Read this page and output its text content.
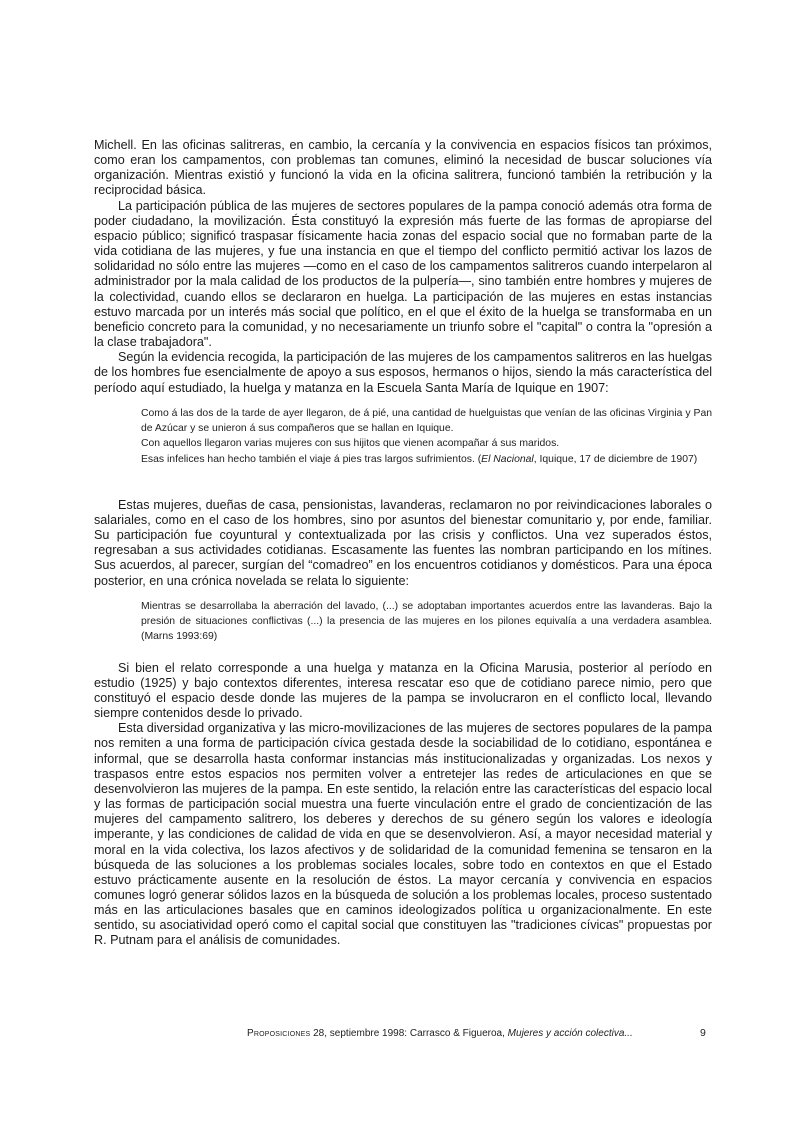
Michell. En las oficinas salitreras, en cambio, la cercanía y la convivencia en espacios físicos tan próximos, como eran los campamentos, con problemas tan comunes, eliminó la necesidad de buscar soluciones vía organización. Mientras existió y funcionó la vida en la oficina salitrera, funcionó también la retribución y la reciprocidad básica.

La participación pública de las mujeres de sectores populares de la pampa conoció además otra forma de poder ciudadano, la movilización. Ésta constituyó la expresión más fuerte de las formas de apropiarse del espacio público; significó traspasar físicamente hacia zonas del espacio social que no formaban parte de la vida cotidiana de las mujeres, y fue una instancia en que el tiempo del conflicto permitió activar los lazos de solidaridad no sólo entre las mujeres —como en el caso de los campamentos salitreros cuando interpelaron al administrador por la mala calidad de los productos de la pulpería—, sino también entre hombres y mujeres de la colectividad, cuando ellos se declararon en huelga. La participación de las mujeres en estas instancias estuvo marcada por un interés más social que político, en el que el éxito de la huelga se transformaba en un beneficio concreto para la comunidad, y no necesariamente un triunfo sobre el "capital" o contra la "opresión a la clase trabajadora".

Según la evidencia recogida, la participación de las mujeres de los campamentos salitreros en las huelgas de los hombres fue esencialmente de apoyo a sus esposos, hermanos o hijos, siendo la más característica del período aquí estudiado, la huelga y matanza en la Escuela Santa María de Iquique en 1907:

Como á las dos de la tarde de ayer llegaron, de á pié, una cantidad de huelguistas que venían de las oficinas Virginia y Pan de Azúcar y se unieron á sus compañeros que se hallan en Iquique.

Con aquellos llegaron varias mujeres con sus hijitos que vienen acompañar á sus maridos.

Esas infelices han hecho también el viaje á pies tras largos sufrimientos. (El Nacional, Iquique, 17 de diciembre de 1907)

Estas mujeres, dueñas de casa, pensionistas, lavanderas, reclamaron no por reivindicaciones laborales o salariales, como en el caso de los hombres, sino por asuntos del bienestar comunitario y, por ende, familiar. Su participación fue coyuntural y contextualizada por las crisis y conflictos. Una vez superados éstos, regresaban a sus actividades cotidianas. Escasamente las fuentes las nombran participando en los mítines. Sus acuerdos, al parecer, surgían del “comadreo” en los encuentros cotidianos y domésticos. Para una época posterior, en una crónica novelada se relata lo siguiente:

Mientras se desarrollaba la aberración del lavado, (...) se adoptaban importantes acuerdos entre las lavanderas. Bajo la presión de situaciones conflictivas (...) la presencia de las mujeres en los pilones equivalía a una verdadera asamblea. (Marns 1993:69)

Si bien el relato corresponde a una huelga y matanza en la Oficina Marusia, posterior al período en estudio (1925) y bajo contextos diferentes, interesa rescatar eso que de cotidiano parece nimio, pero que constituyó el espacio desde donde las mujeres de la pampa se involucraron en el conflicto local, llevando siempre contenidos desde lo privado.

Esta diversidad organizativa y las micro-movilizaciones de las mujeres de sectores populares de la pampa nos remiten a una forma de participación cívica gestada desde la sociabilidad de lo cotidiano, espontánea e informal, que se desarrolla hasta conformar instancias más institucionalizadas y organizadas. Los nexos y traspasos entre estos espacios nos permiten volver a entretejer las redes de articulaciones en que se desenvolvieron las mujeres de la pampa. En este sentido, la relación entre las características del espacio local y las formas de participación social muestra una fuerte vinculación entre el grado de concientización de las mujeres del campamento salitrero, los deberes y derechos de su género según los valores e ideología imperante, y las condiciones de calidad de vida en que se desenvolvieron. Así, a mayor necesidad material y moral en la vida colectiva, los lazos afectivos y de solidaridad de la comunidad femenina se tensaron en la búsqueda de las soluciones a los problemas sociales locales, sobre todo en contextos en que el Estado estuvo prácticamente ausente en la resolución de éstos. La mayor cercanía y convivencia en espacios comunes logró generar sólidos lazos en la búsqueda de solución a los problemas locales, proceso sustentado más en las articulaciones basales que en caminos ideologizados política u organizacionalmente. En este sentido, su asociatividad operó como el capital social que constituyen las "tradiciones cívicas" propuestas por R. Putnam para el análisis de comunidades.

Proposiciones 28, septiembre 1998: Carrasco & Figueroa, Mujeres y acción colectiva...	9
